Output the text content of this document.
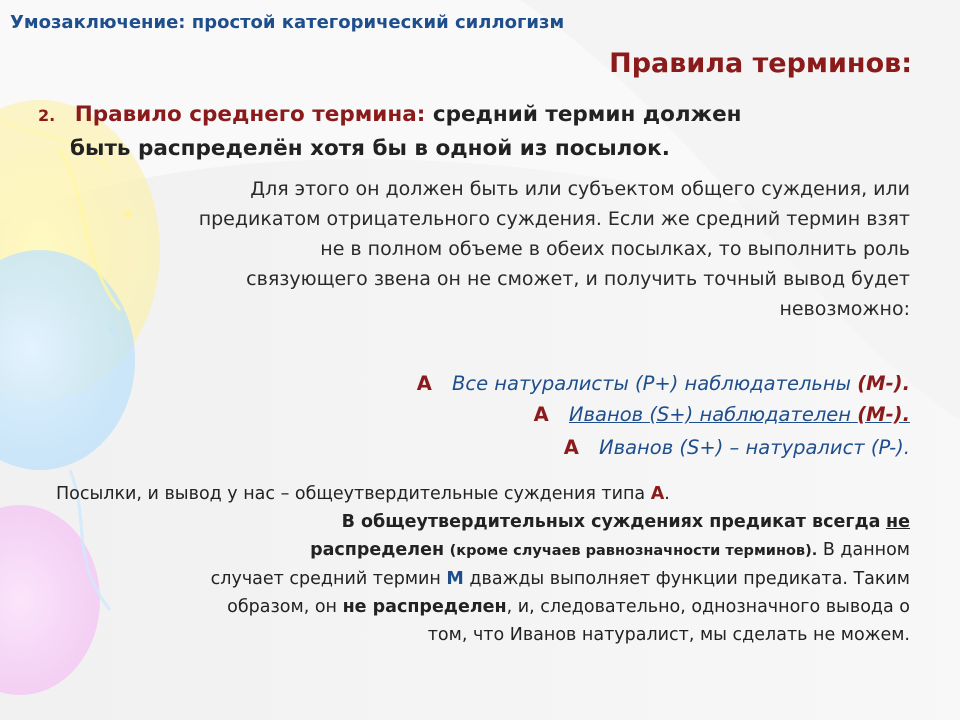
Умозаключение: простой категорический силлогизм
Правила терминов:
2. Правило среднего термина: средний термин должен
быть распределён хотя бы в одной из посылок.
Для этого он должен быть или субъектом общего суждения, или
предикатом отрицательного суждения. Если же средний термин взят
не в полном объеме в обеих посылках, то выполнить роль
связующего звена он не сможет, и получить точный вывод будет
невозможно:
A Все натуралисты (P+) наблюдательны (M-).
A Иванов (S+) наблюдателен (M-).
A Иванов (S+) – натуралист (P-).
Посылки, и вывод у нас – общеутвердительные суждения типа А.
В общеутвердительных суждениях предикат всегда не
распределен (кроме случаев равнозначности терминов). В данном
случает средний термин М дважды выполняет функции предиката. Таким
образом, он не распределен, и, следовательно, однозначного вывода о
том, что Иванов натуралист, мы сделать не можем.
